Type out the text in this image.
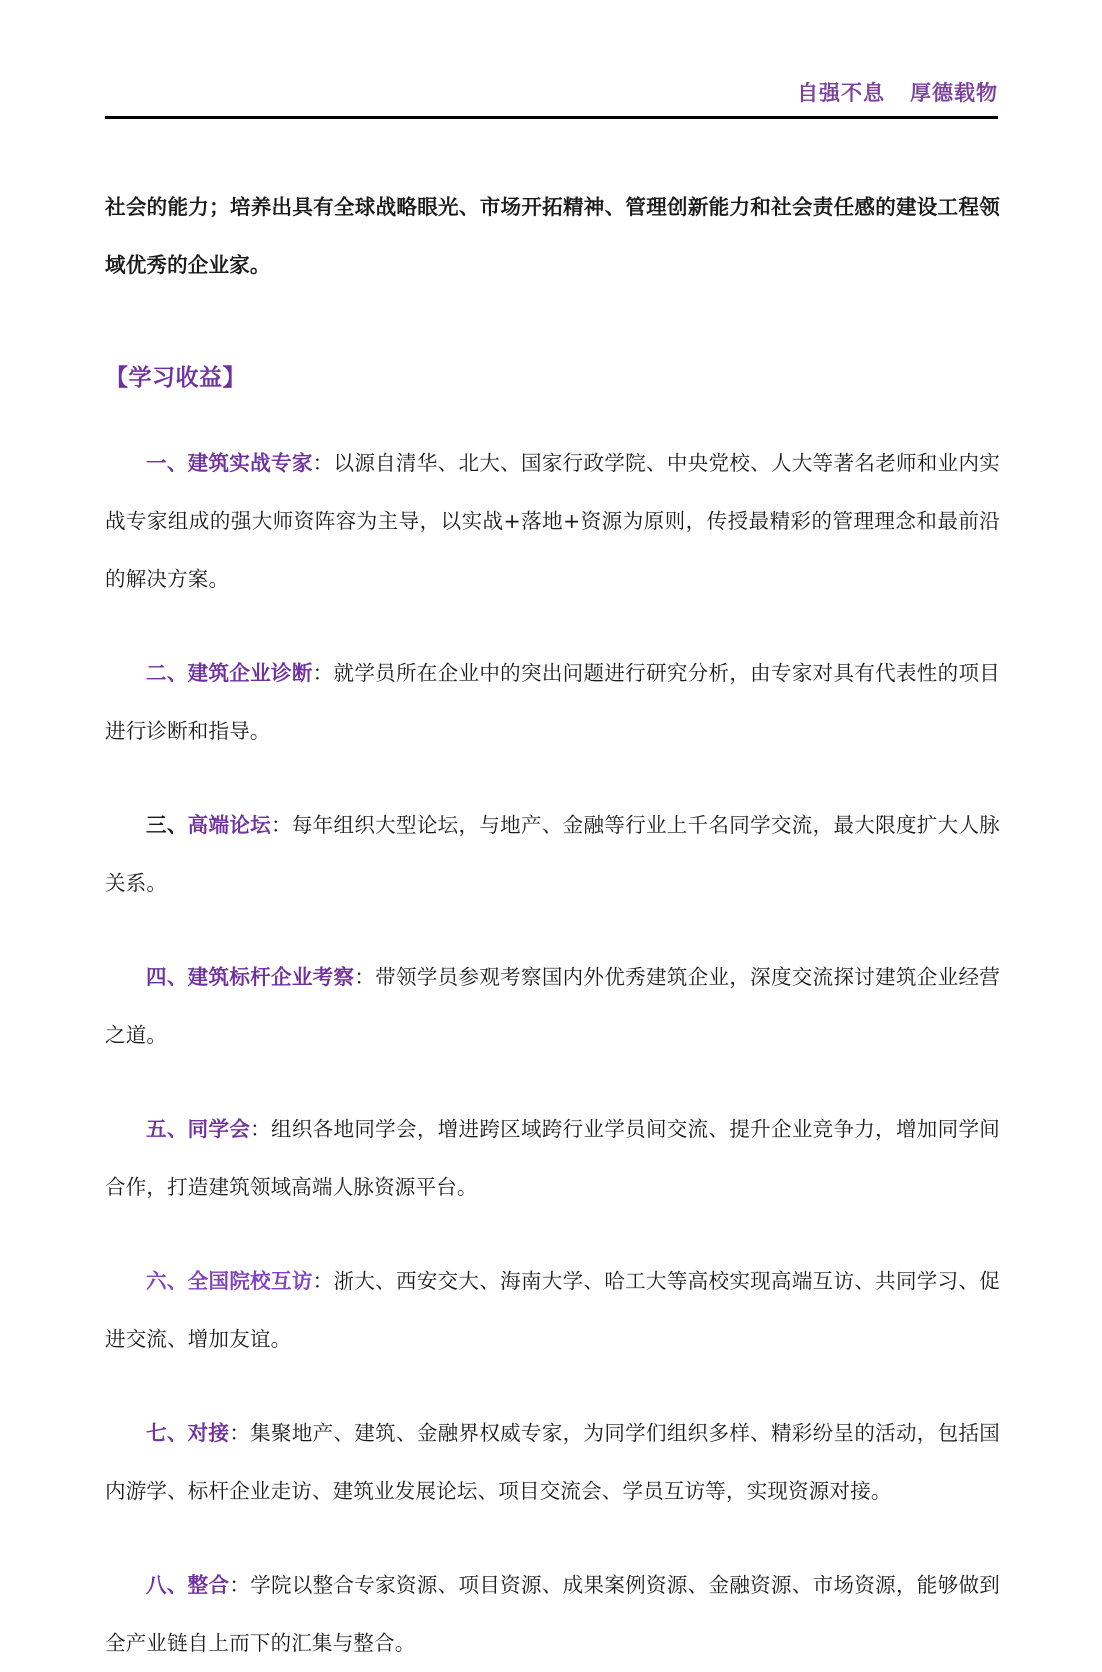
自强不息   厚德载物

社会的能力；培养出具有全球战略眼光、市场开拓精神、管理创新能力和社会责任感的建设工程领域优秀的企业家。

【学习收益】
一、建筑实战专家：以源自清华、北大、国家行政学院、中央党校、人大等著名老师和业内实战专家组成的强大师资阵容为主导，以实战+落地+资源为原则，传授最精彩的管理理念和最前沿的解决方案。
二、建筑企业诊断：就学员所在企业中的突出问题进行研究分析，由专家对具有代表性的项目进行诊断和指导。
三、高端论坛：每年组织大型论坛，与地产、金融等行业上千名同学交流，最大限度扩大人脉关系。
四、建筑标杆企业考察：带领学员参观考察国内外优秀建筑企业，深度交流探讨建筑企业经营之道。
五、同学会：组织各地同学会，增进跨区域跨行业学员间交流、提升企业竞争力，增加同学间合作，打造建筑领域高端人脉资源平台。
六、全国院校互访：浙大、西安交大、海南大学、哈工大等高校实现高端互访、共同学习、促进交流、增加友谊。
七、对接：集聚地产、建筑、金融界权威专家，为同学们组织多样、精彩纷呈的活动，包括国内游学、标杆企业走访、建筑业发展论坛、项目交流会、学员互访等，实现资源对接。
八、整合：学院以整合专家资源、项目资源、成果案例资源、金融资源、市场资源，能够做到全产业链自上而下的汇集与整合。
